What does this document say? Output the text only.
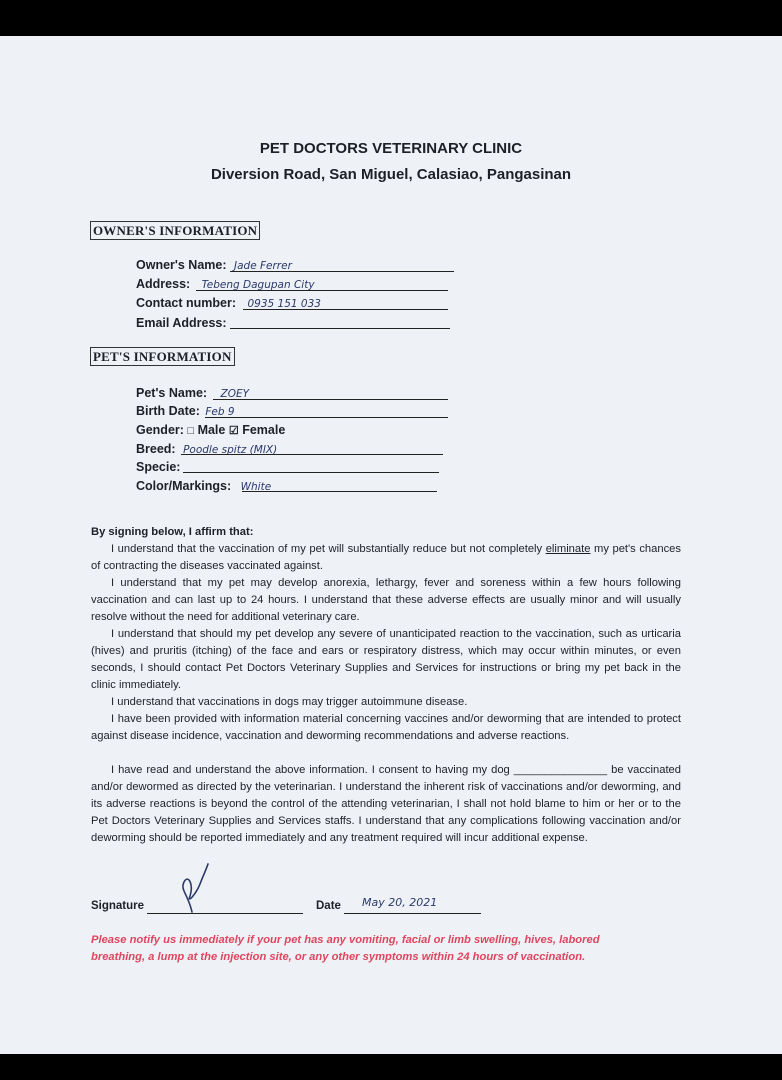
PET DOCTORS VETERINARY CLINIC
Diversion Road, San Miguel, Calasiao, Pangasinan
OWNER'S INFORMATION
Owner's Name: Jade Ferrer
Address: Tebeng Dagupan City
Contact number: 0935 151 033
Email Address:
PET'S INFORMATION
Pet's Name: ZOEY
Birth Date: Feb 9
Gender: □ Male ☑ Female
Breed: Poodle spitz (MIX)
Specie:
Color/Markings: White
By signing below, I affirm that:
I understand that the vaccination of my pet will substantially reduce but not completely eliminate my pet's chances of contracting the diseases vaccinated against.
I understand that my pet may develop anorexia, lethargy, fever and soreness within a few hours following vaccination and can last up to 24 hours. I understand that these adverse effects are usually minor and will usually resolve without the need for additional veterinary care.
I understand that should my pet develop any severe of unanticipated reaction to the vaccination, such as urticaria (hives) and pruritis (itching) of the face and ears or respiratory distress, which may occur within minutes, or even seconds, I should contact Pet Doctors Veterinary Supplies and Services for instructions or bring my pet back in the clinic immediately.
I understand that vaccinations in dogs may trigger autoimmune disease.
I have been provided with information material concerning vaccines and/or deworming that are intended to protect against disease incidence, vaccination and deworming recommendations and adverse reactions.
I have read and understand the above information. I consent to having my dog _______________ be vaccinated and/or dewormed as directed by the veterinarian. I understand the inherent risk of vaccinations and/or deworming, and its adverse reactions is beyond the control of the attending veterinarian, I shall not hold blame to him or her or to the Pet Doctors Veterinary Supplies and Services staffs. I understand that any complications following vaccination and/or deworming should be reported immediately and any treatment required will incur additional expense.
Signature	Date May 20, 2021
Please notify us immediately if your pet has any vomiting, facial or limb swelling, hives, labored breathing, a lump at the injection site, or any other symptoms within 24 hours of vaccination.
